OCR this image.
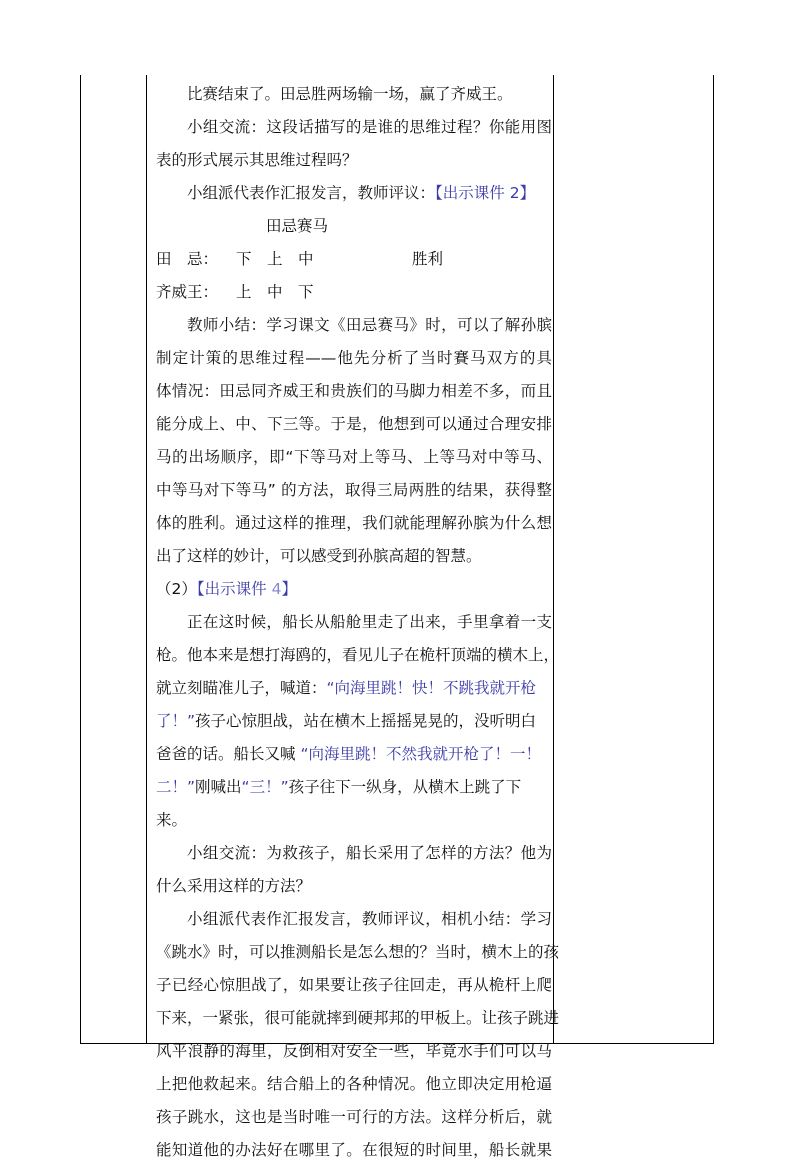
比赛结束了。田忌胜两场输一场，赢了齐威王。
小组交流：这段话描写的是谁的思维过程？你能用图
表的形式展示其思维过程吗？
小组派代表作汇报发言，教师评议：【出示课件 2】
田忌赛马
田　忌： 下　上　中	胜利
齐威王： 上　中　下
教师小结：学习课文《田忌赛马》时，可以了解孙膑
制定计策的思维过程——他先分析了当时賽马双方的具
体情况：田忌同齐威王和贵族们的马脚力相差不多，而且
能分成上、中、下三等。于是，他想到可以通过合理安排
马的出场顺序，即“下等马对上等马、上等马对中等马、
中等马对下等马” 的方法，取得三局两胜的结果，获得整
体的胜利。通过这样的推理，我们就能理解孙膑为什么想
出了这样的妙计，可以感受到孙膑高超的智慧。
（2）【出示课件 4】
正在这时候，船长从船舱里走了出来，手里拿着一支
枪。他本来是想打海鸥的，看见儿子在桅杆顶端的横木上，
就立刻瞄准儿子，喊道：“向海里跳！快！不跳我就开枪
了！”孩子心惊胆战，站在横木上摇摇晃晃的，没听明白
爸爸的话。船长又喊 “向海里跳！不然我就开枪了！一！
二！”刚喊出“三！”孩子往下一纵身，从横木上跳了下
来。
小组交流：为救孩子，船长采用了怎样的方法？他为
什么采用这样的方法？
小组派代表作汇报发言，教师评议，相机小结：学习
《跳水》时，可以推测船长是怎么想的？当时，横木上的孩
子已经心惊胆战了，如果要让孩子往回走，再从桅杆上爬
下来，一紧张，很可能就摔到硬邦邦的甲板上。让孩子跳进
风平浪静的海里，反倒相对安全一些，毕竟水手们可以马
上把他救起来。结合船上的各种情况。他立即决定用枪逼
孩子跳水，这也是当时唯一可行的方法。这样分析后，就
能知道他的办法好在哪里了。在很短的时间里，船长就果
